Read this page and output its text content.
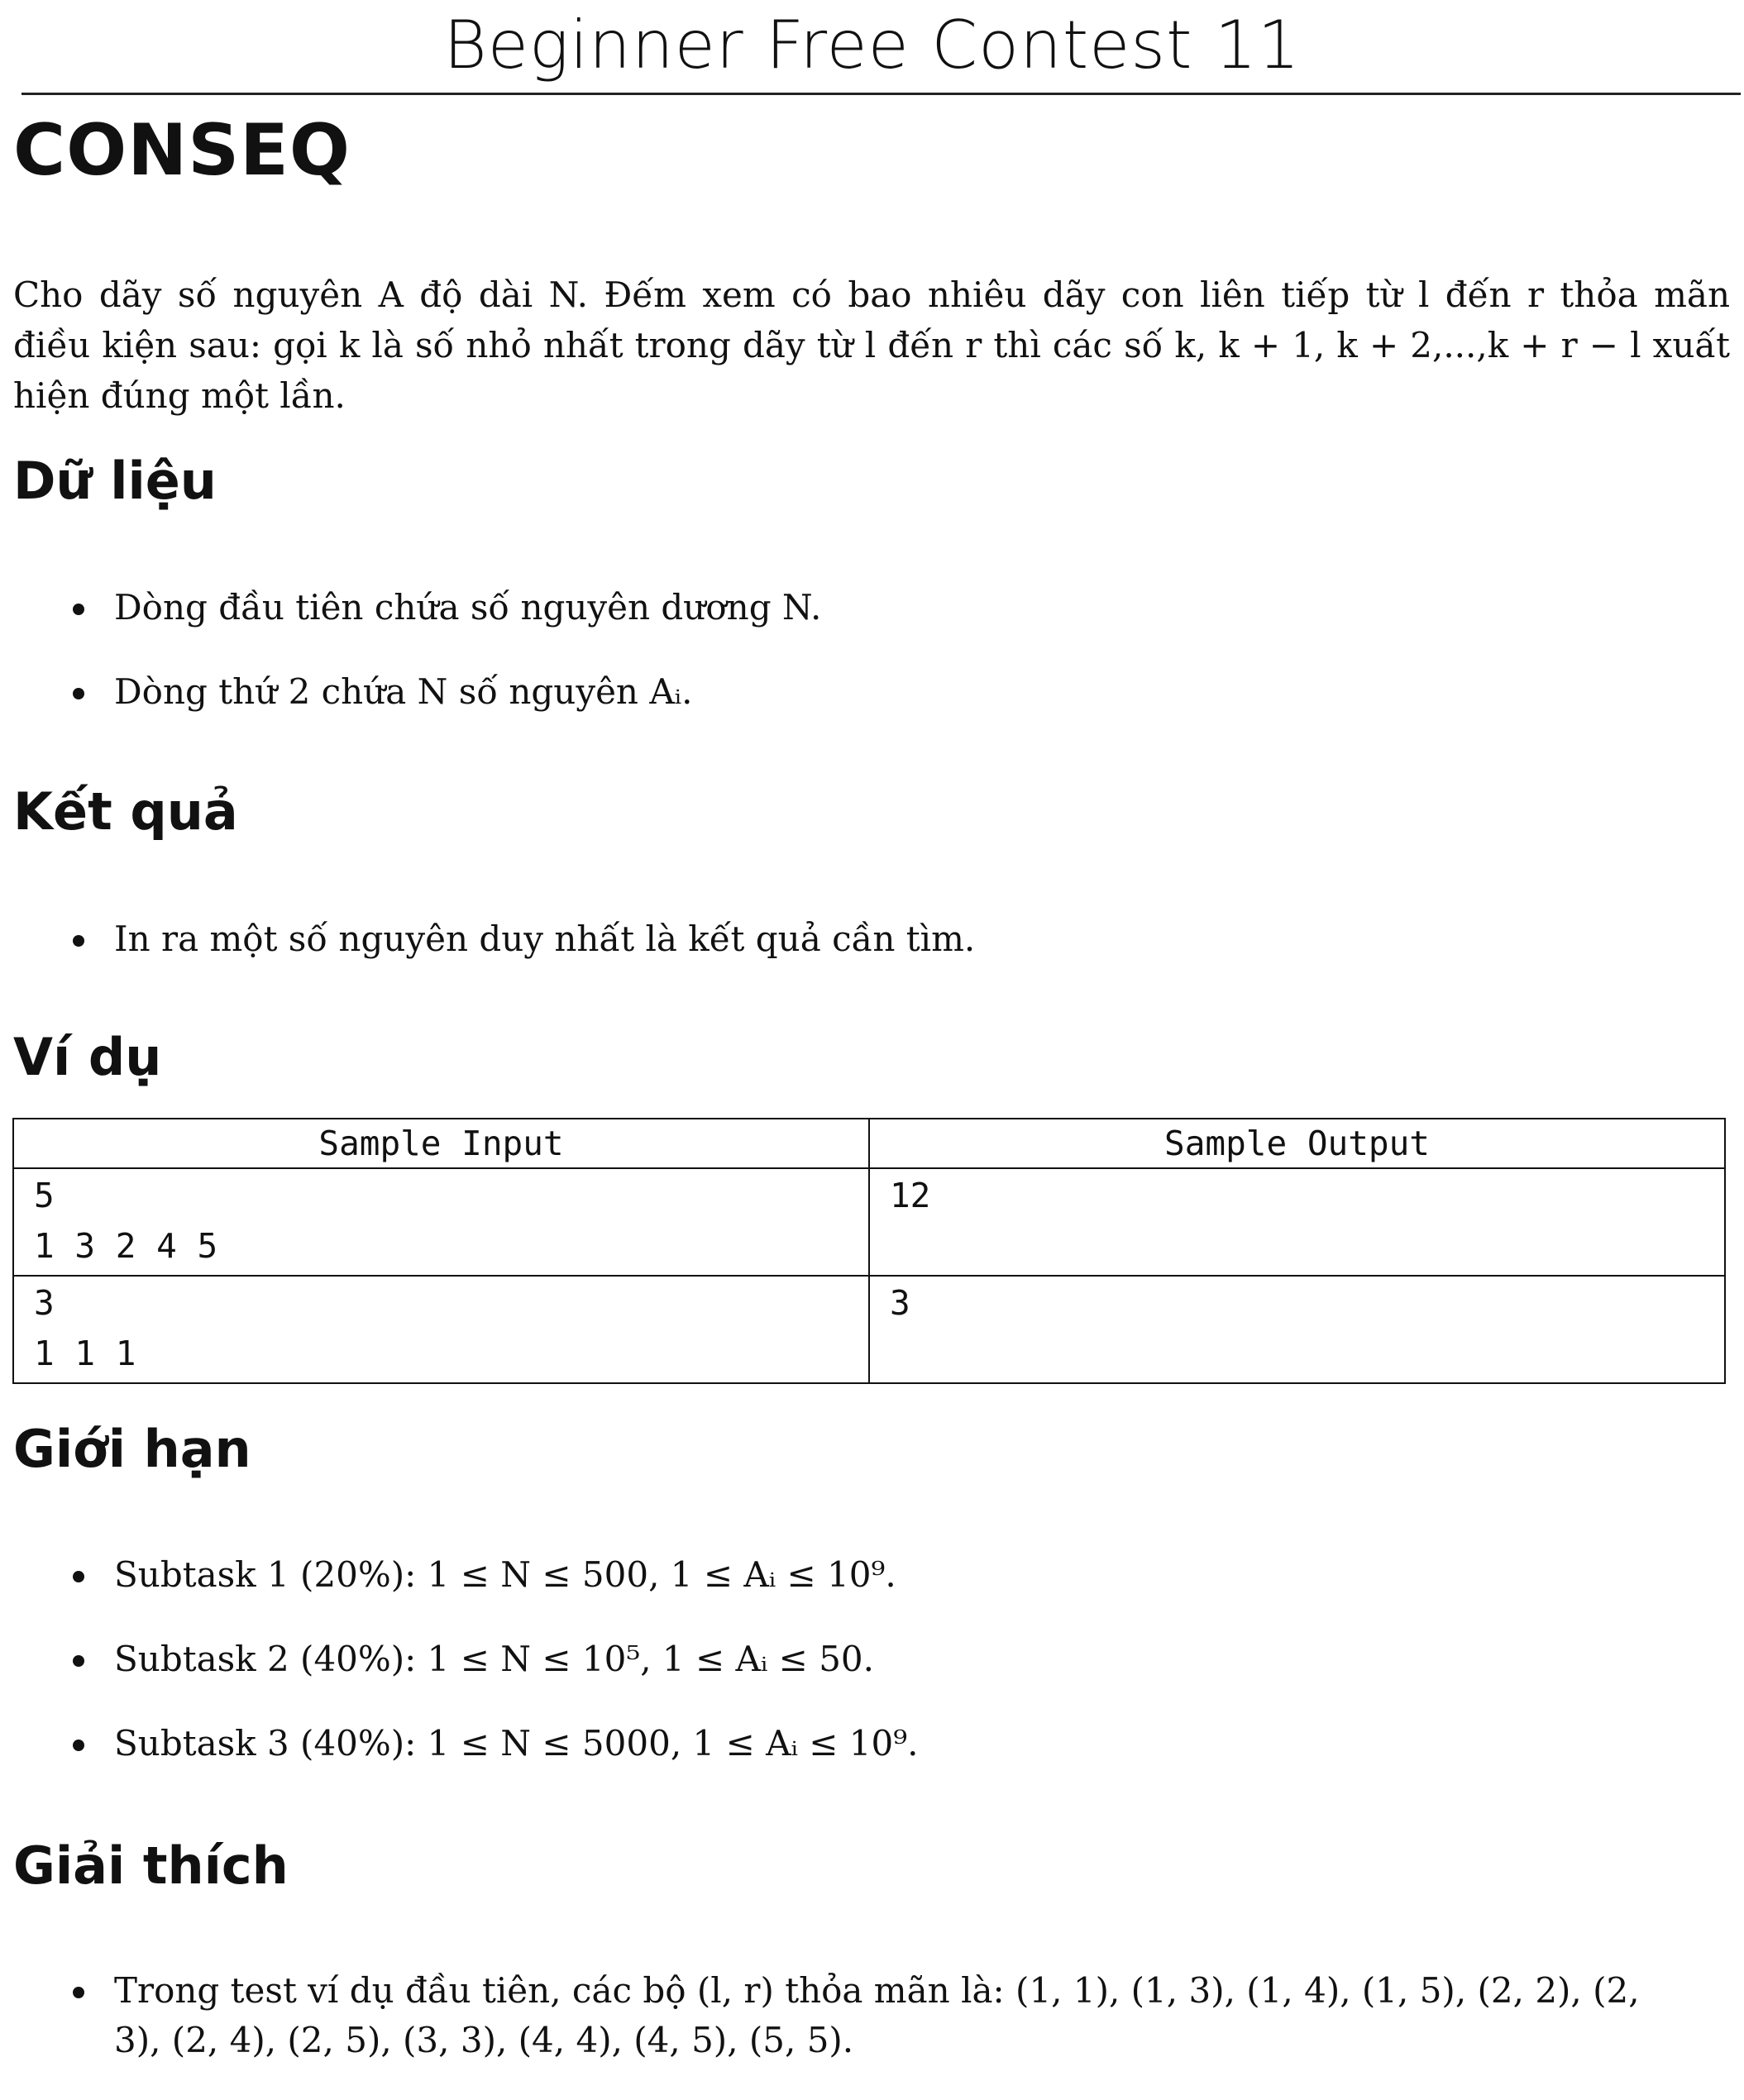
Beginner Free Contest 11
CONSEQ
Cho dãy số nguyên A độ dài N. Đếm xem có bao nhiêu dãy con liên tiếp từ l đến r thỏa mãn
điều kiện sau: gọi k là số nhỏ nhất trong dãy từ l đến r thì các số k, k + 1, k + 2,...,k + r − l xuất
hiện đúng một lần.
Dữ liệu
Dòng đầu tiên chứa số nguyên dương N.
Dòng thứ 2 chứa N số nguyên Aᵢ.
Kết quả
In ra một số nguyên duy nhất là kết quả cần tìm.
Ví dụ
Sample Input	Sample Output

5
1 3 2 4 5	12

3
1 1 1	3
Giới hạn
Subtask 1 (20%): 1 ≤ N ≤ 500, 1 ≤ Aᵢ ≤ 10⁹.
Subtask 2 (40%): 1 ≤ N ≤ 10⁵, 1 ≤ Aᵢ ≤ 50.
Subtask 3 (40%): 1 ≤ N ≤ 5000, 1 ≤ Aᵢ ≤ 10⁹.
Giải thích
Trong test ví dụ đầu tiên, các bộ (l, r) thỏa mãn là: (1, 1), (1, 3), (1, 4), (1, 5), (2, 2), (2, 3), (2, 4), (2, 5), (3, 3), (4, 4), (4, 5), (5, 5).
